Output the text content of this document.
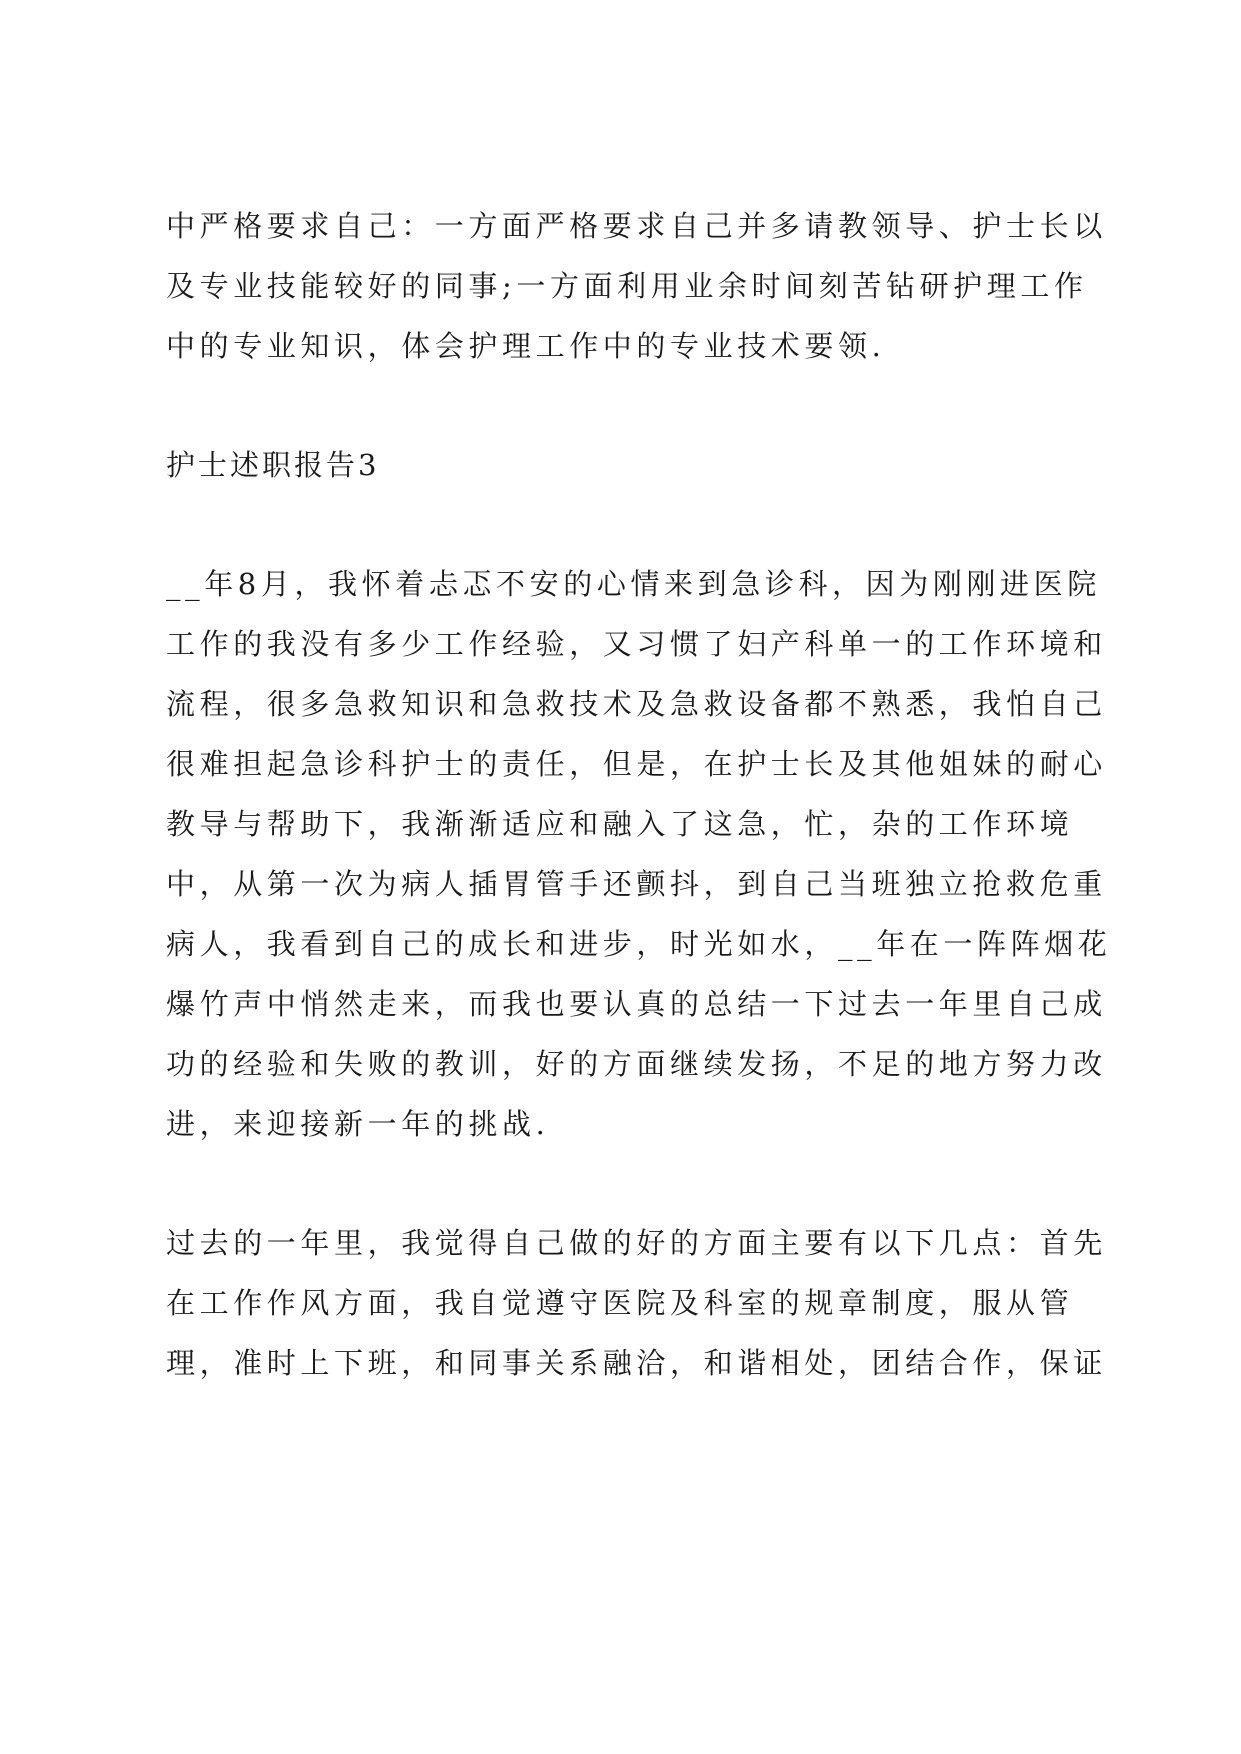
中严格要求自己：一方面严格要求自己并多请教领导、护士长以
及专业技能较好的同事;一方面利用业余时间刻苦钻研护理工作
中的专业知识，体会护理工作中的专业技术要领.
护士述职报告3
__年8月，我怀着忐忑不安的心情来到急诊科，因为刚刚进医院
工作的我没有多少工作经验，又习惯了妇产科单一的工作环境和
流程，很多急救知识和急救技术及急救设备都不熟悉，我怕自己
很难担起急诊科护士的责任，但是，在护士长及其他姐妹的耐心
教导与帮助下，我渐渐适应和融入了这急，忙，杂的工作环境
中，从第一次为病人插胃管手还颤抖，到自己当班独立抢救危重
病人，我看到自己的成长和进步，时光如水，__年在一阵阵烟花
爆竹声中悄然走来，而我也要认真的总结一下过去一年里自己成
功的经验和失败的教训，好的方面继续发扬，不足的地方努力改
进，来迎接新一年的挑战.
过去的一年里，我觉得自己做的好的方面主要有以下几点：首先
在工作作风方面，我自觉遵守医院及科室的规章制度，服从管
理，准时上下班，和同事关系融洽，和谐相处，团结合作，保证
